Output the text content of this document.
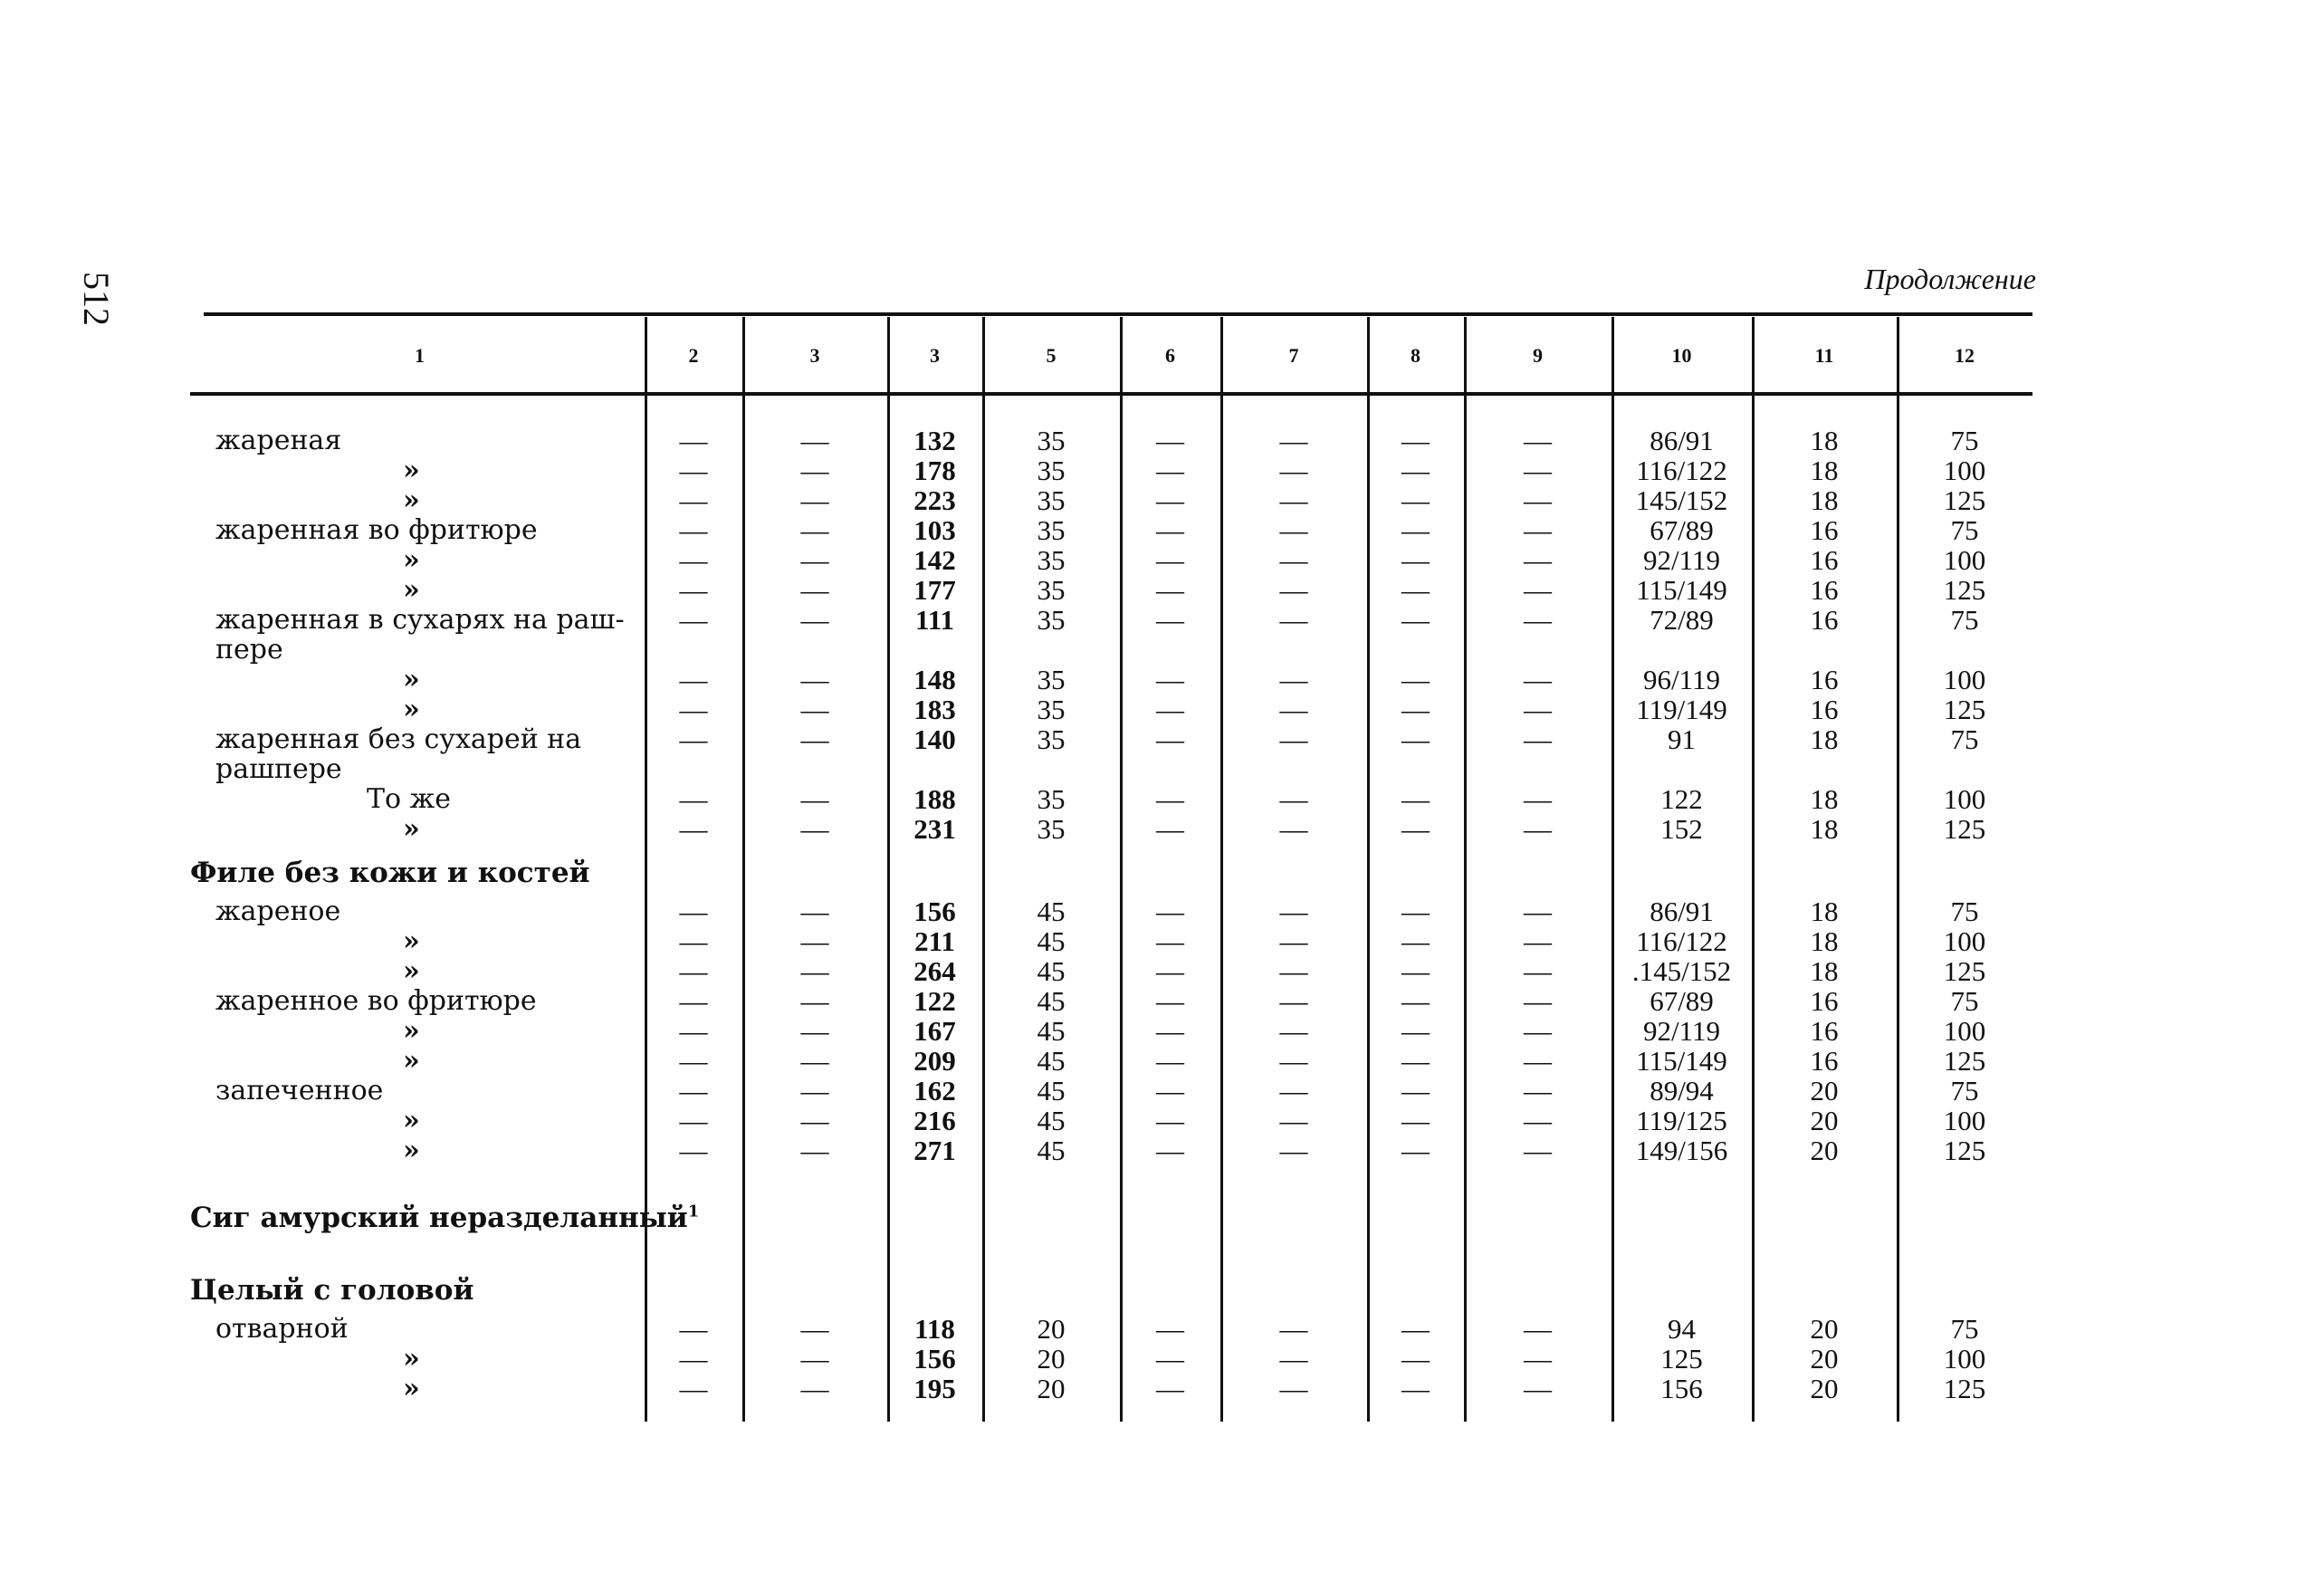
512	Продолжение
1	2	3	3	5	6	7	8	9	10	11	12
жареная	—	—	132	35	—	—	—	—	86/91	18	75
»	—	—	178	35	—	—	—	—	116/122	18	100
»	—	—	223	35	—	—	—	—	145/152	18	125
жаренная во фритюре	—	—	103	35	—	—	—	—	67/89	16	75
»	—	—	142	35	—	—	—	—	92/119	16	100
»	—	—	177	35	—	—	—	—	115/149	16	125
жаренная в сухарях на раш-	—	—	111	35	—	—	—	—	72/89	16	75
пере
»	—	—	148	35	—	—	—	—	96/119	16	100
»	—	—	183	35	—	—	—	—	119/149	16	125
жаренная без сухарей на	—	—	140	35	—	—	—	—	91	18	75
рашпере
То же	—	—	188	35	—	—	—	—	122	18	100
»	—	—	231	35	—	—	—	—	152	18	125
Филе без кожи и костей
жареное	—	—	156	45	—	—	—	—	86/91	18	75
»	—	—	211	45	—	—	—	—	116/122	18	100
»	—	—	264	45	—	—	—	—	.145/152	18	125
жаренное во фритюре	—	—	122	45	—	—	—	—	67/89	16	75
»	—	—	167	45	—	—	—	—	92/119	16	100
»	—	—	209	45	—	—	—	—	115/149	16	125
запеченное	—	—	162	45	—	—	—	—	89/94	20	75
»	—	—	216	45	—	—	—	—	119/125	20	100
»	—	—	271	45	—	—	—	—	149/156	20	125
Сиг амурский неразделанный$^1$
Целый с головой
отварной	—	—	118	20	—	—	—	—	94	20	75
»	—	—	156	20	—	—	—	—	125	20	100
»	—	—	195	20	—	—	—	—	156	20	125
